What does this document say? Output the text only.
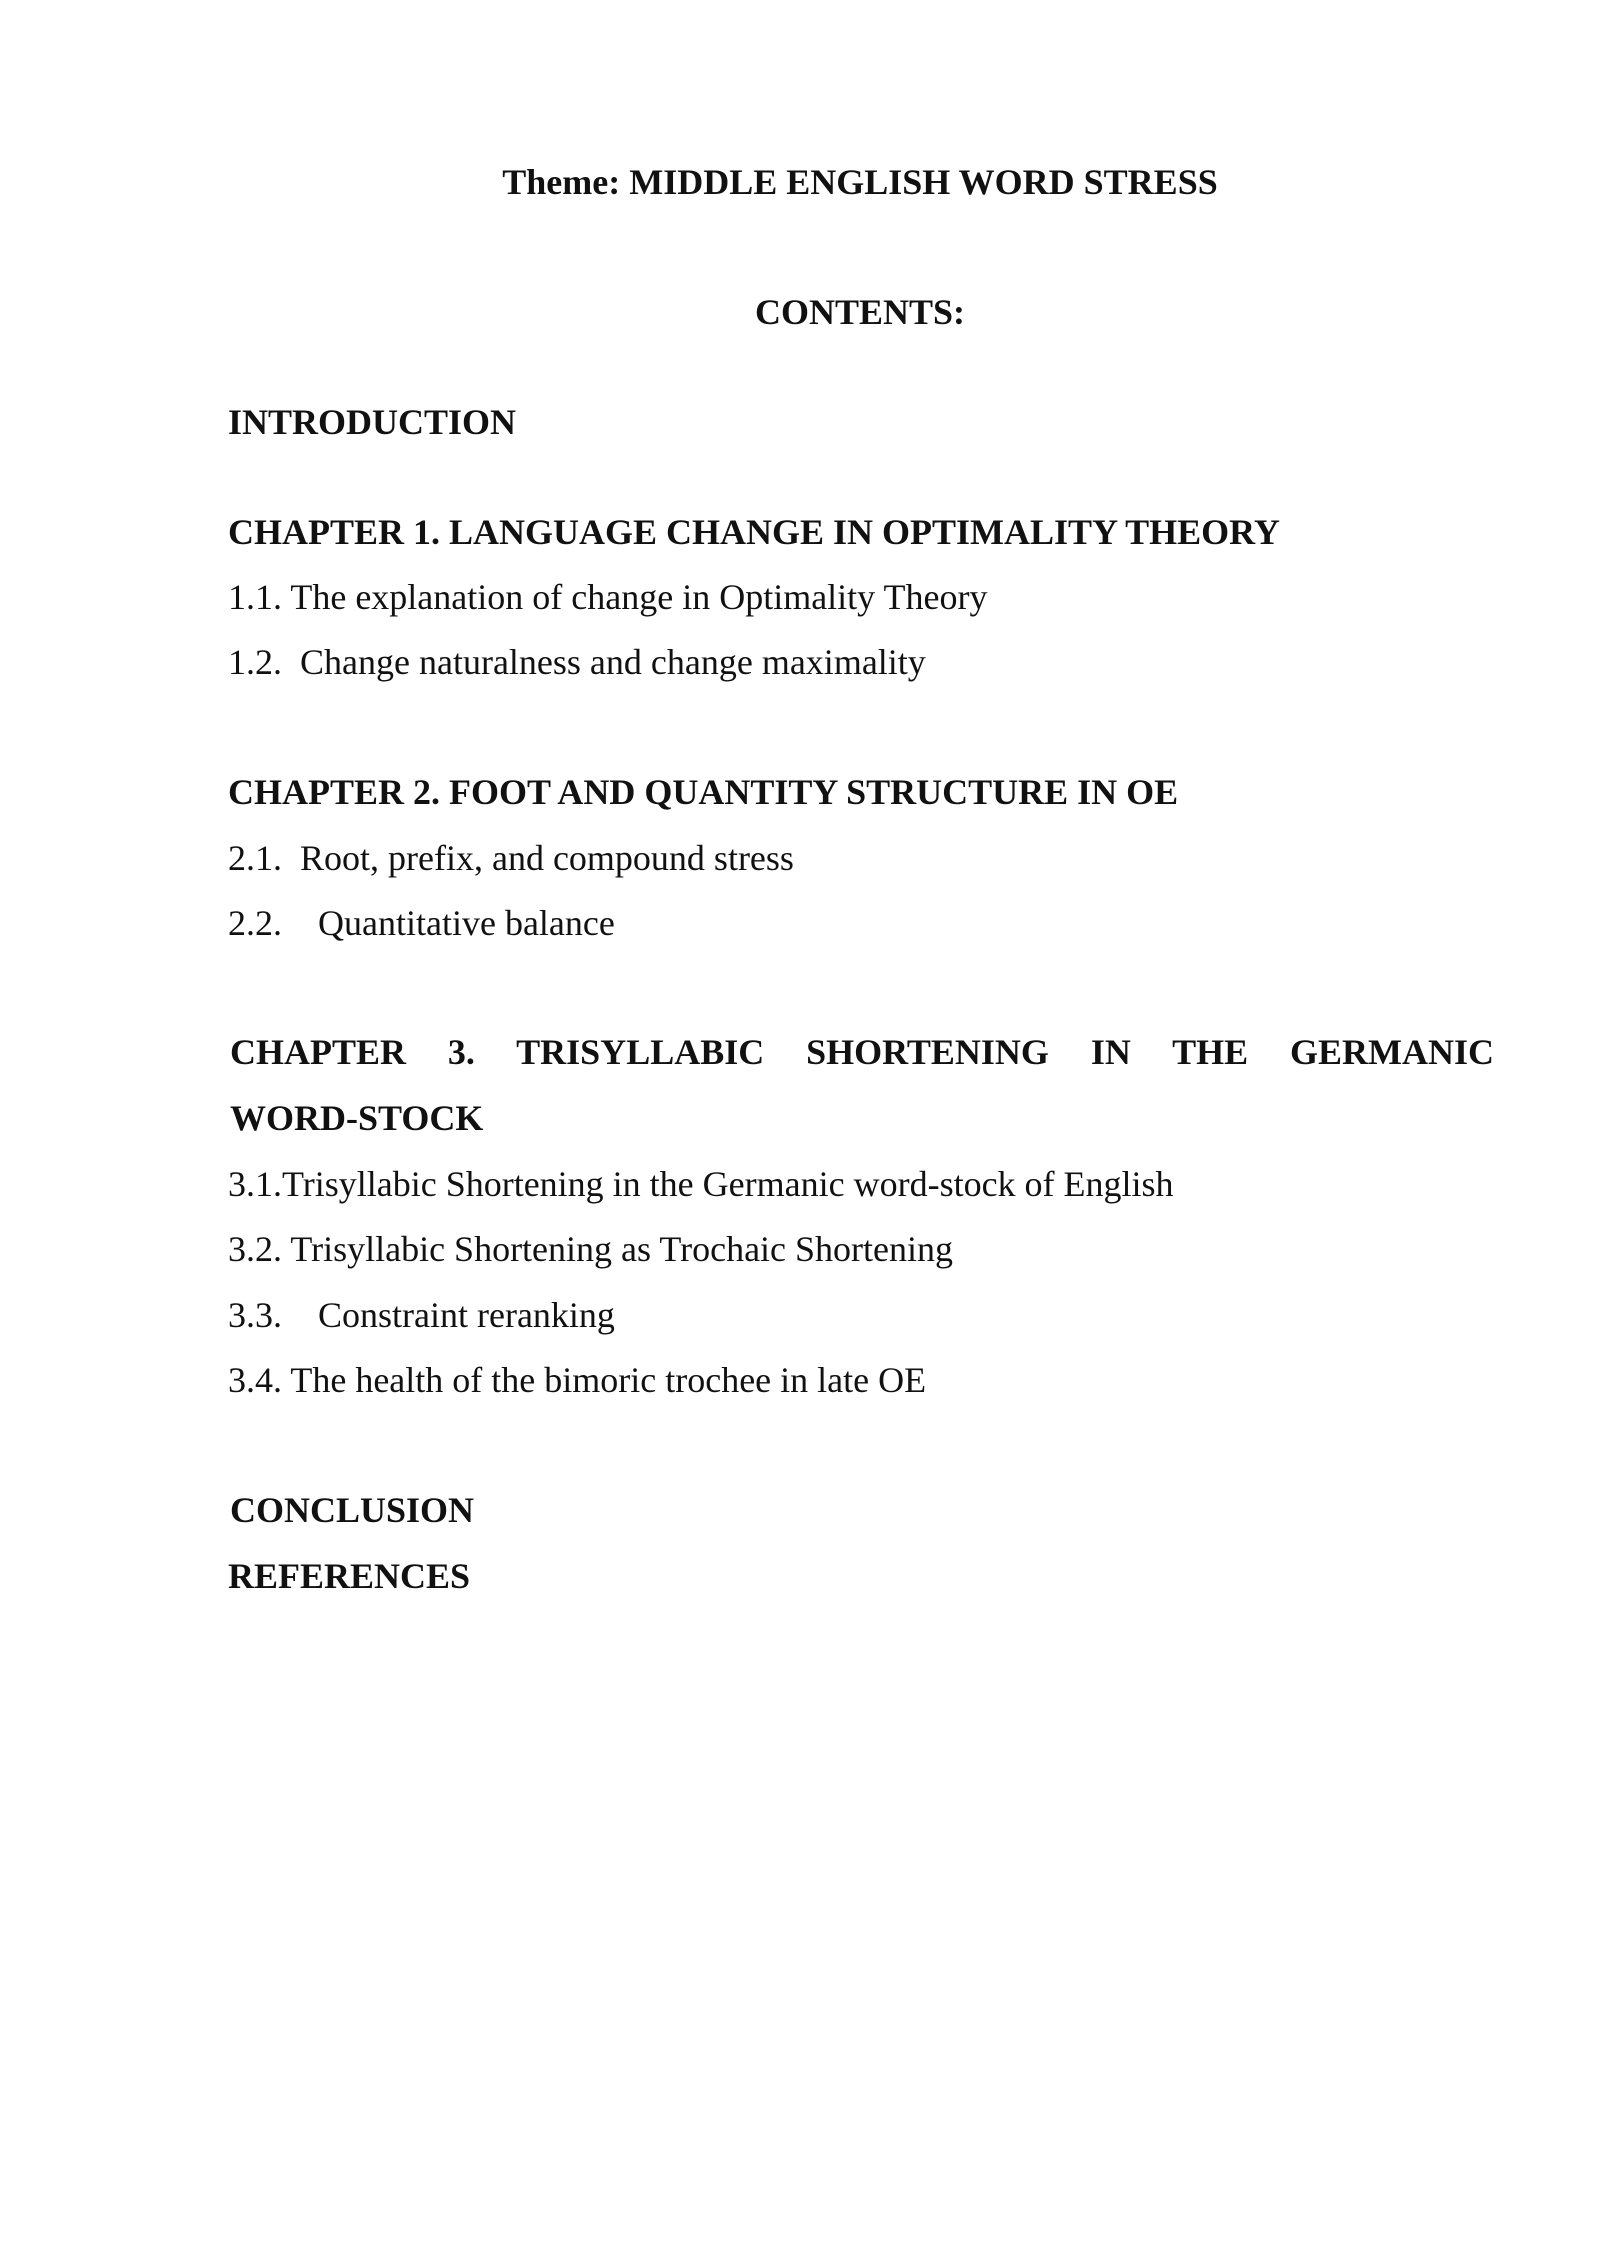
Theme: MIDDLE ENGLISH WORD STRESS
CONTENTS:
INTRODUCTION
CHAPTER 1. LANGUAGE CHANGE IN OPTIMALITY THEORY
1.1. The explanation of change in Optimality Theory
1.2. Change naturalness and change maximality
CHAPTER 2. FOOT AND QUANTITY STRUCTURE IN OE
2.1. Root, prefix, and compound stress
2.2. Quantitative balance
CHAPTER 3. TRISYLLABIC SHORTENING IN THE GERMANIC
WORD-STOCK
3.1.Trisyllabic Shortening in the Germanic word-stock of English
3.2. Trisyllabic Shortening as Trochaic Shortening
3.3. Constraint reranking
3.4. The health of the bimoric trochee in late OE
CONCLUSION
REFERENCES
